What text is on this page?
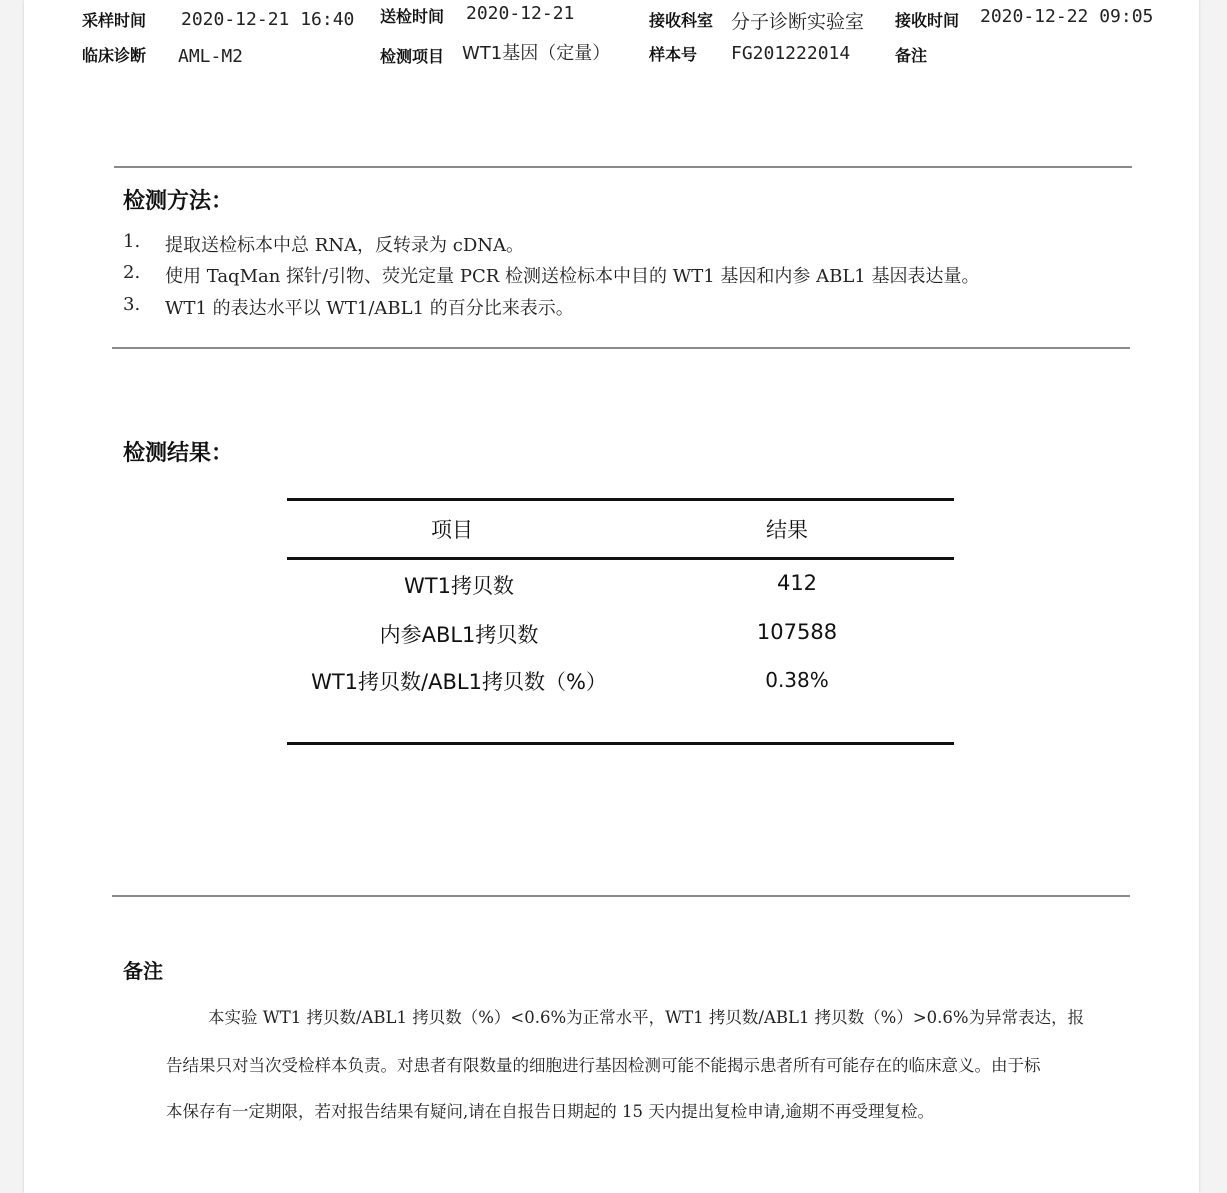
采样时间 2020-12-21 16:40 送检时间 2020-12-21	接收科室 分子诊断实验室 接收时间 2020-12-22 09:05
临床诊断 AML-M2	检测项目 WT1基因（定量） 样本号 FG201222014	备注
检测方法：
1. 提取送检标本中总 RNA，反转录为 cDNA。
2. 使用 TaqMan 探针/引物、荧光定量 PCR 检测送检标本中目的 WT1 基因和内参 ABL1 基因表达量。
3. WT1 的表达水平以 WT1/ABL1 的百分比来表示。
检测结果：
项目	结果
WT1拷贝数	412
内参ABL1拷贝数	107588
WT1拷贝数/ABL1拷贝数（%）	0.38%
备注
本实验 WT1 拷贝数/ABL1 拷贝数（%）<0.6%为正常水平，WT1 拷贝数/ABL1 拷贝数（%）>0.6%为异常表达，报
告结果只对当次受检样本负责。对患者有限数量的细胞进行基因检测可能不能揭示患者所有可能存在的临床意义。由于标
本保存有一定期限，若对报告结果有疑问,请在自报告日期起的 15 天内提出复检申请,逾期不再受理复检。
